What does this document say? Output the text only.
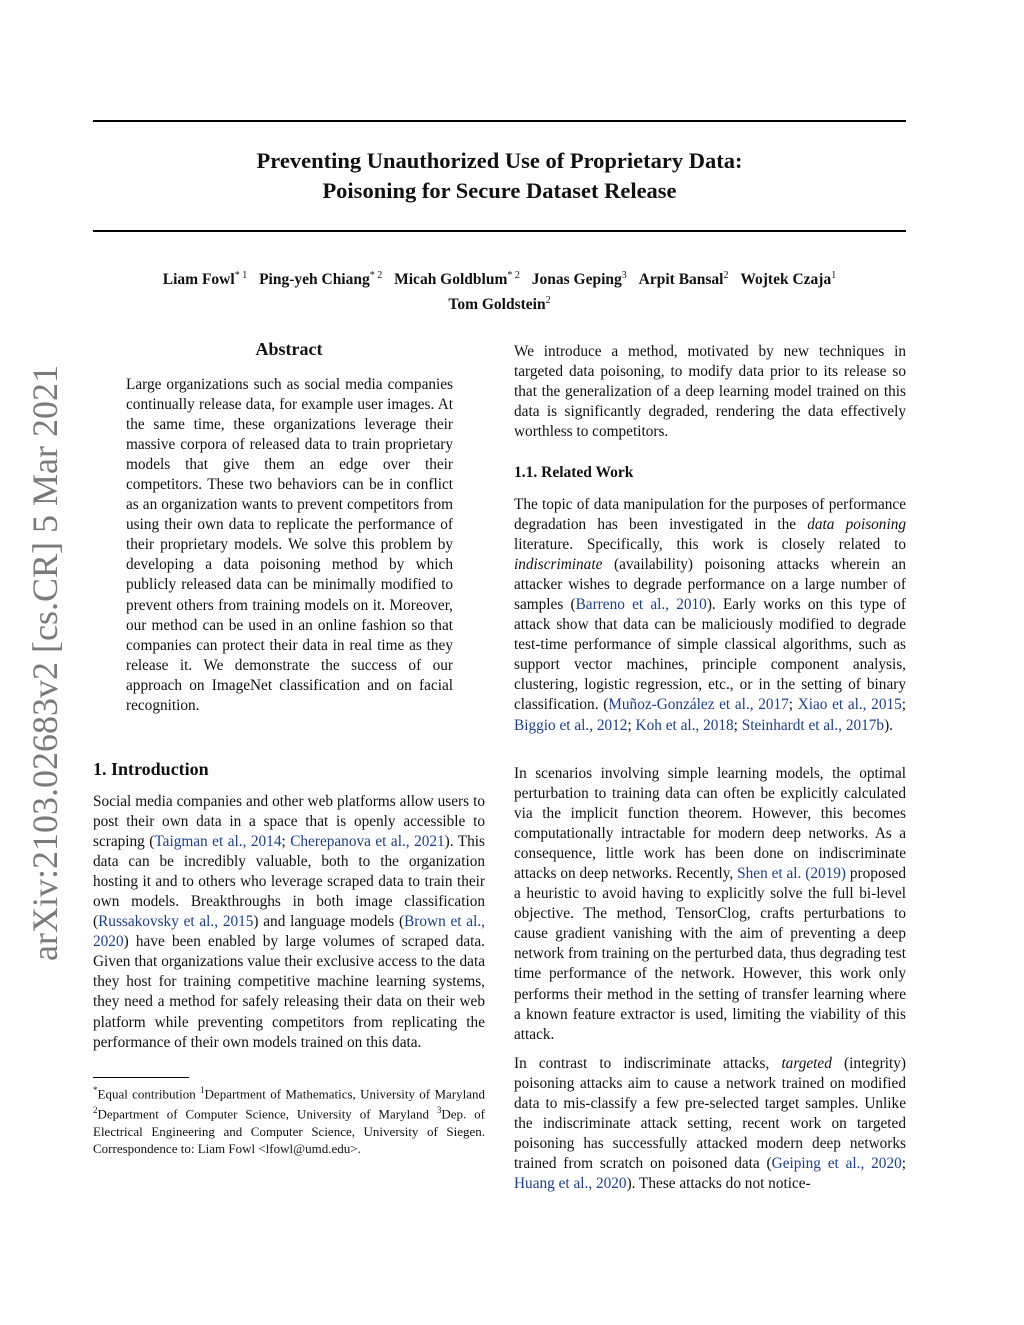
arXiv:2103.02683v2 [cs.CR] 5 Mar 2021
Preventing Unauthorized Use of Proprietary Data:
Poisoning for Secure Dataset Release
Liam Fowl$^{* 1}$ Ping-yeh Chiang$^{* 2}$ Micah Goldblum$^{* 2}$ Jonas Geping$^3$ Arpit Bansal$^2$ Wojtek Czaja$^1$
Tom Goldstein$^2$
Abstract
Large organizations such as social media companies continually release data, for example user images. At the same time, these organizations leverage their massive corpora of released data to train proprietary models that give them an edge over their competitors. These two behaviors can be in conflict as an organization wants to prevent competitors from using their own data to replicate the performance of their proprietary models. We solve this problem by developing a data poisoning method by which publicly released data can be minimally modified to prevent others from training models on it. Moreover, our method can be used in an online fashion so that companies can protect their data in real time as they release it. We demonstrate the success of our approach on ImageNet classification and on facial recognition.
1. Introduction
Social media companies and other web platforms allow users to post their own data in a space that is openly accessible to scraping (Taigman et al., 2014; Cherepanova et al., 2021). This data can be incredibly valuable, both to the organization hosting it and to others who leverage scraped data to train their own models. Breakthroughs in both image classification (Russakovsky et al., 2015) and language models (Brown et al., 2020) have been enabled by large volumes of scraped data. Given that organizations value their exclusive access to the data they host for training competitive machine learning systems, they need a method for safely releasing their data on their web platform while preventing competitors from replicating the performance of their own models trained on this data.
*Equal contribution $^1$Department of Mathematics, University of Maryland $^2$Department of Computer Science, University of Maryland $^3$Dep. of Electrical Engineering and Computer Science, University of Siegen. Correspondence to: Liam Fowl <lfowl@umd.edu>.
We introduce a method, motivated by new techniques in targeted data poisoning, to modify data prior to its release so that the generalization of a deep learning model trained on this data is significantly degraded, rendering the data effectively worthless to competitors.
1.1. Related Work
The topic of data manipulation for the purposes of performance degradation has been investigated in the data poisoning literature. Specifically, this work is closely related to indiscriminate (availability) poisoning attacks wherein an attacker wishes to degrade performance on a large number of samples (Barreno et al., 2010). Early works on this type of attack show that data can be maliciously modified to degrade test-time performance of simple classical algorithms, such as support vector machines, principle component analysis, clustering, logistic regression, etc., or in the setting of binary classification. (Muñoz-González et al., 2017; Xiao et al., 2015; Biggio et al., 2012; Koh et al., 2018; Steinhardt et al., 2017b).
In scenarios involving simple learning models, the optimal perturbation to training data can often be explicitly calculated via the implicit function theorem. However, this becomes computationally intractable for modern deep networks. As a consequence, little work has been done on indiscriminate attacks on deep networks. Recently, Shen et al. (2019) proposed a heuristic to avoid having to explicitly solve the full bi-level objective. The method, TensorClog, crafts perturbations to cause gradient vanishing with the aim of preventing a deep network from training on the perturbed data, thus degrading test time performance of the network. However, this work only performs their method in the setting of transfer learning where a known feature extractor is used, limiting the viability of this attack.
In contrast to indiscriminate attacks, targeted (integrity) poisoning attacks aim to cause a network trained on modified data to mis-classify a few pre-selected target samples. Unlike the indiscriminate attack setting, recent work on targeted poisoning has successfully attacked modern deep networks trained from scratch on poisoned data (Geiping et al., 2020; Huang et al., 2020). These attacks do not notice-
